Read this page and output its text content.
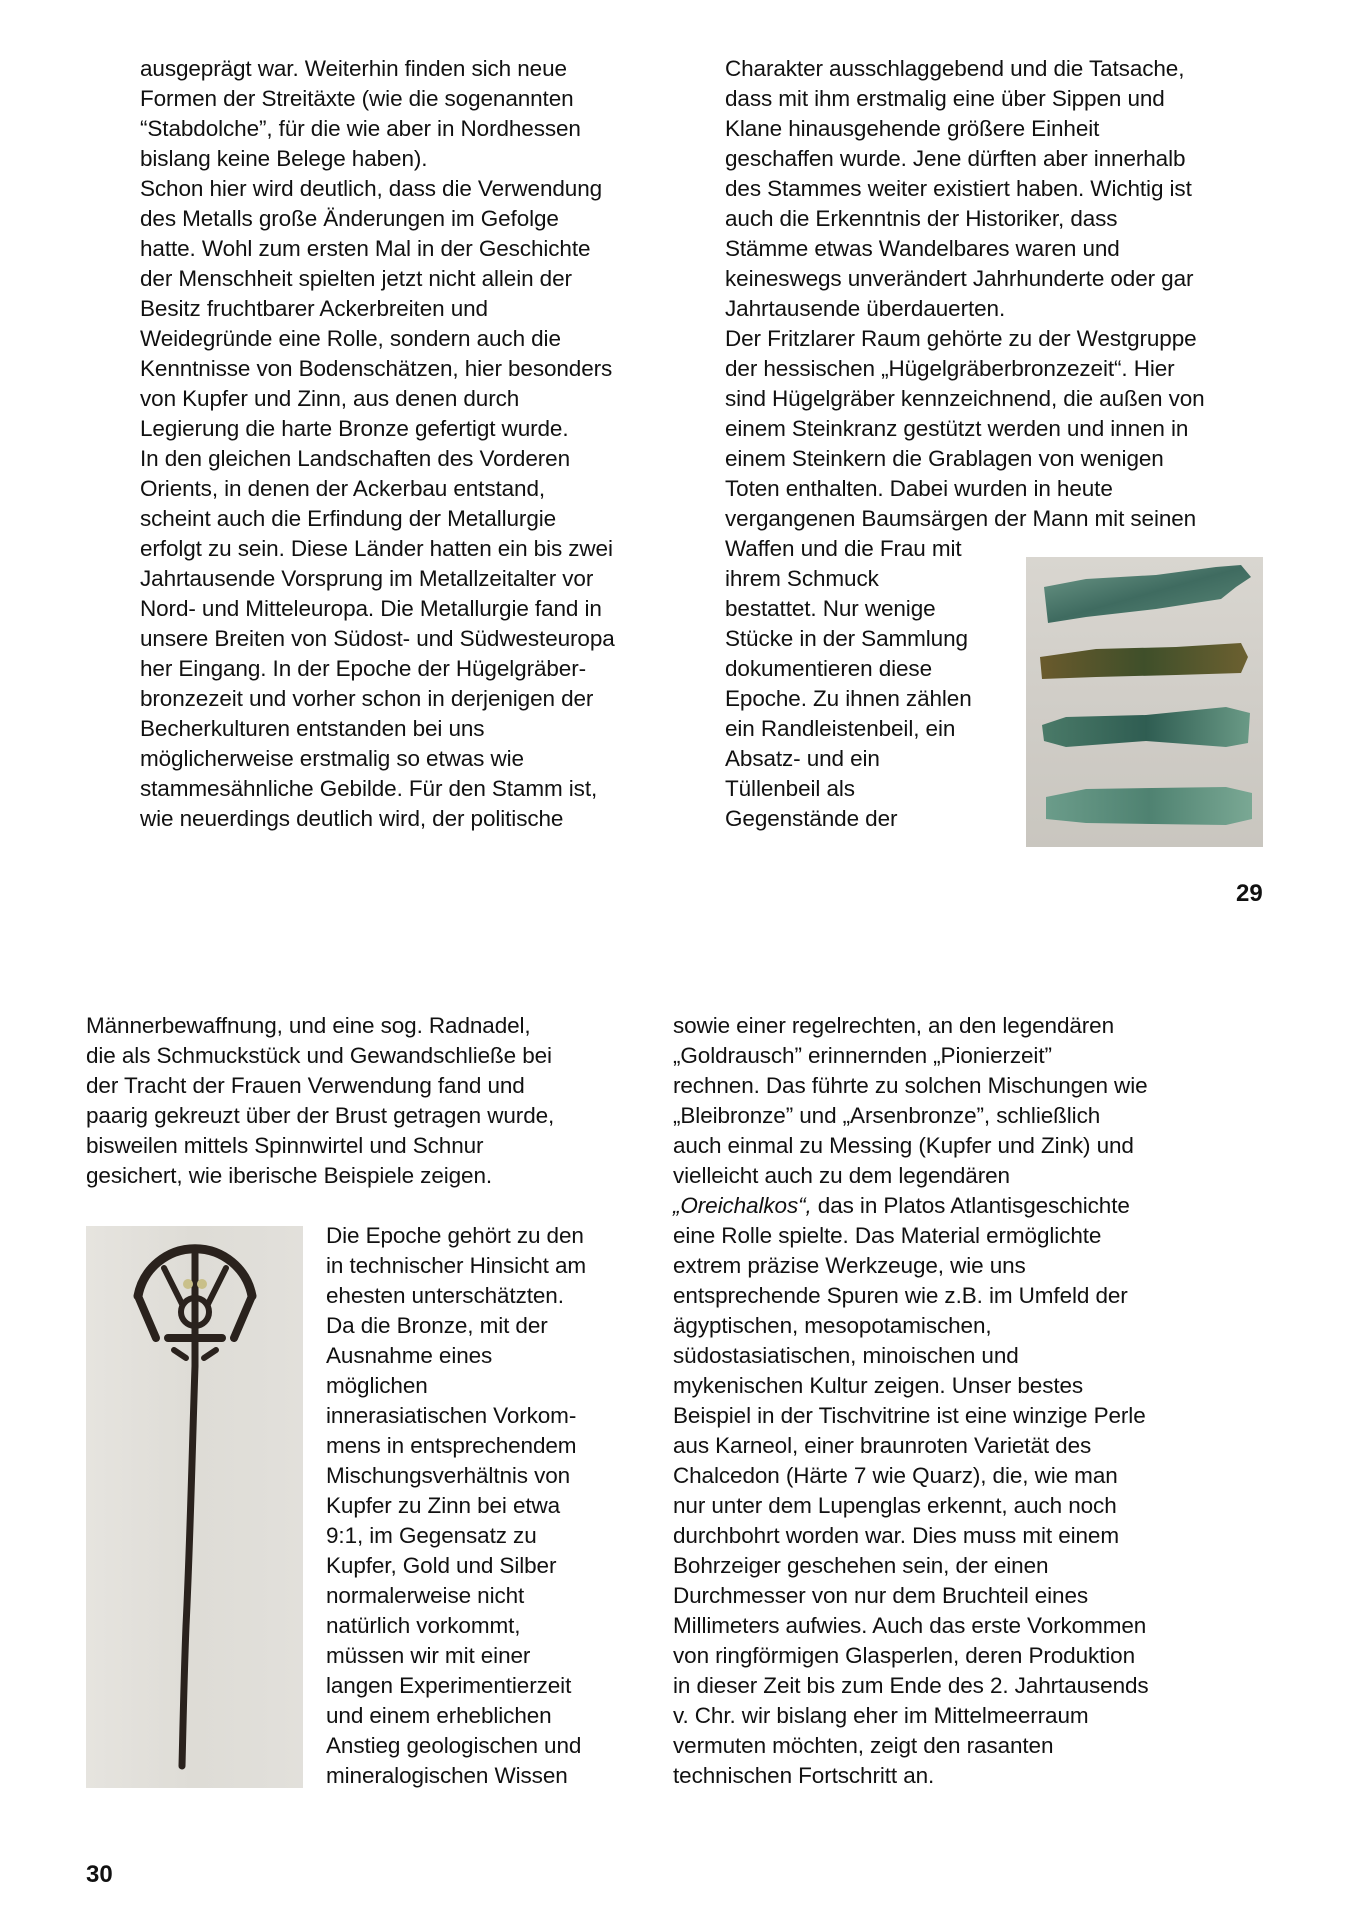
ausgeprägt war. Weiterhin finden sich neue
Formen der Streitäxte (wie die sogenannten
“Stabdolche”, für die wie aber in Nordhessen
bislang keine Belege haben).
Schon hier wird deutlich, dass die Verwendung
des Metalls große Änderungen im Gefolge
hatte. Wohl zum ersten Mal in der Geschichte
der Menschheit spielten jetzt nicht allein der
Besitz fruchtbarer Ackerbreiten und
Weidegründe eine Rolle, sondern auch die
Kenntnisse von Bodenschätzen, hier besonders
von Kupfer und Zinn, aus denen durch
Legierung die harte Bronze gefertigt wurde.
In den gleichen Landschaften des Vorderen
Orients, in denen der Ackerbau entstand,
scheint auch die Erfindung der Metallurgie
erfolgt zu sein. Diese Länder hatten ein bis zwei
Jahrtausende Vorsprung im Metallzeitalter vor
Nord- und Mitteleuropa. Die Metallurgie fand in
unsere Breiten von Südost- und Südwesteuropa
her Eingang. In der Epoche der Hügelgräber-
bronzezeit und vorher schon in derjenigen der
Becherkulturen entstanden bei uns
möglicherweise erstmalig so etwas wie
stammesähnliche Gebilde. Für den Stamm ist,
wie neuerdings deutlich wird, der politische
Charakter ausschlaggebend und die Tatsache,
dass mit ihm erstmalig eine über Sippen und
Klane hinausgehende größere Einheit
geschaffen wurde. Jene dürften aber innerhalb
des Stammes weiter existiert haben. Wichtig ist
auch die Erkenntnis der Historiker, dass
Stämme etwas Wandelbares waren und
keineswegs unverändert Jahrhunderte oder gar
Jahrtausende überdauerten.
Der Fritzlarer Raum gehörte zu der Westgruppe
der hessischen „Hügelgräberbronzezeit“. Hier
sind Hügelgräber kennzeichnend, die außen von
einem Steinkranz gestützt werden und innen in
einem Steinkern die Grablagen von wenigen
Toten enthalten. Dabei wurden in heute
vergangenen Baumsärgen der Mann mit seinen
Waffen und die Frau mit
ihrem Schmuck
bestattet. Nur wenige
Stücke in der Sammlung
dokumentieren diese
Epoche. Zu ihnen zählen
ein Randleistenbeil, ein
Absatz- und ein
Tüllenbeil als
Gegenstände der
29
Männerbewaffnung, und eine sog. Radnadel,
die als Schmuckstück und Gewandschließe bei
der Tracht der Frauen Verwendung fand und
paarig gekreuzt über der Brust getragen wurde,
bisweilen mittels Spinnwirtel und Schnur
gesichert, wie iberische Beispiele zeigen.
Die Epoche gehört zu den
in technischer Hinsicht am
ehesten unterschätzten.
Da die Bronze, mit der
Ausnahme eines
möglichen
innerasiatischen Vorkom-
mens in entsprechendem
Mischungsverhältnis von
Kupfer zu Zinn bei etwa
9:1, im Gegensatz zu
Kupfer, Gold und Silber
normalerweise nicht
natürlich vorkommt,
müssen wir mit einer
langen Experimentierzeit
und einem erheblichen
Anstieg geologischen und
mineralogischen Wissen
sowie einer regelrechten, an den legendären
„Goldrausch” erinnernden „Pionierzeit”
rechnen. Das führte zu solchen Mischungen wie
„Bleibronze” und „Arsenbronze”, schließlich
auch einmal zu Messing (Kupfer und Zink) und
vielleicht auch zu dem legendären
„Oreichalkos“, das in Platos Atlantisgeschichte
eine Rolle spielte. Das Material ermöglichte
extrem präzise Werkzeuge, wie uns
entsprechende Spuren wie z.B. im Umfeld der
ägyptischen, mesopotamischen,
südostasiatischen, minoischen und
mykenischen Kultur zeigen. Unser bestes
Beispiel in der Tischvitrine ist eine winzige Perle
aus Karneol, einer braunroten Varietät des
Chalcedon (Härte 7 wie Quarz), die, wie man
nur unter dem Lupenglas erkennt, auch noch
durchbohrt worden war. Dies muss mit einem
Bohrzeiger geschehen sein, der einen
Durchmesser von nur dem Bruchteil eines
Millimeters aufwies. Auch das erste Vorkommen
von ringförmigen Glasperlen, deren Produktion
in dieser Zeit bis zum Ende des 2. Jahrtausends
v. Chr. wir bislang eher im Mittelmeerraum
vermuten möchten, zeigt den rasanten
technischen Fortschritt an.
30
